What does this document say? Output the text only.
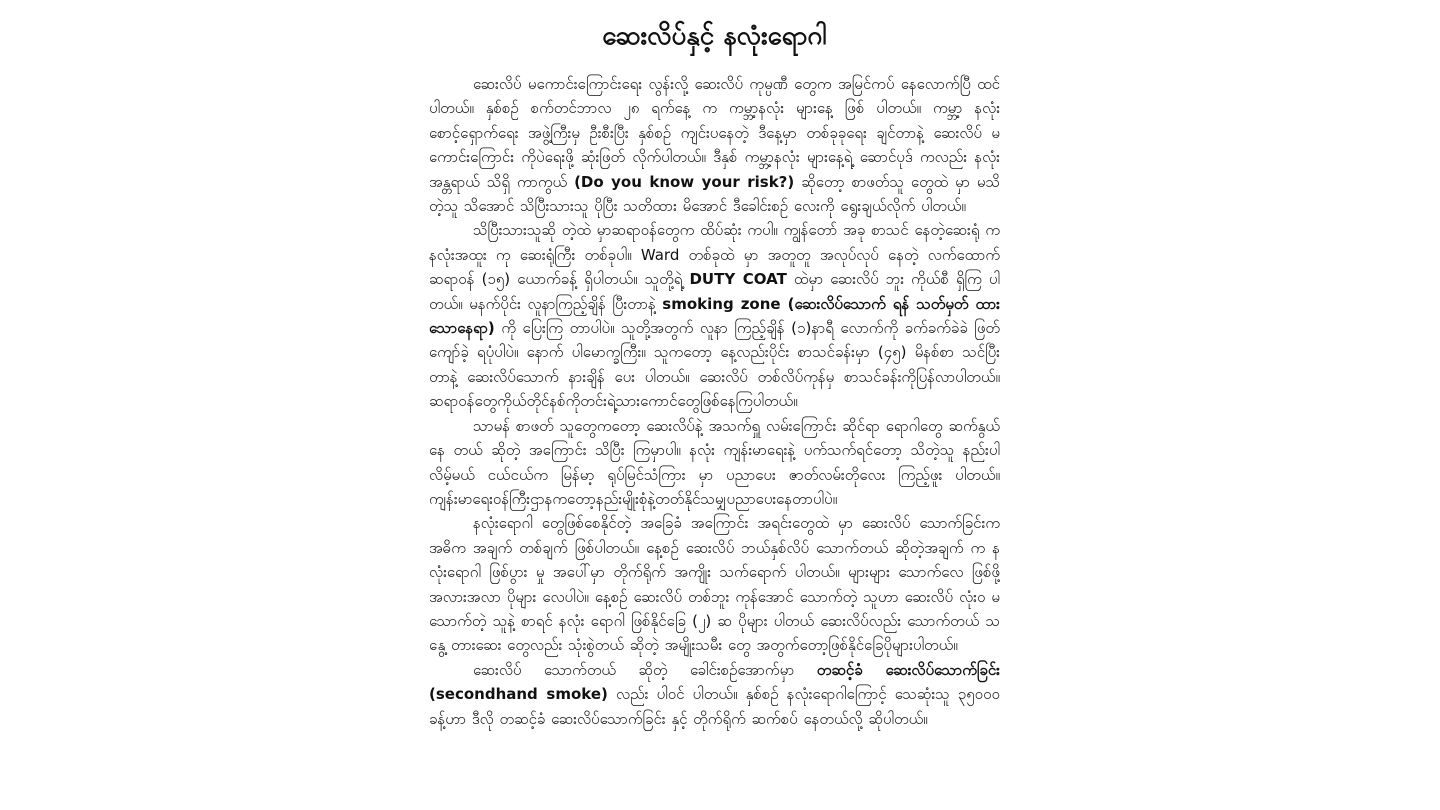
ဆေးလိပ်နှင့် နလုံးရောဂါ

ဆေးလိပ် မကောင်းကြောင်းရေး လွန်းလို့ ဆေးလိပ် ကုမ္ပဏီ တွေက အမြင်ကပ် နေလောက်ပြီ ထင်ပါတယ်။ နှစ်စဉ် စက်တင်ဘာလ ၂၈ ရက်နေ့ က ကမ္ဘာ့နလုံး များနေ့ ဖြစ် ပါတယ်။ ကမ္ဘာ့ နလုံးစောင့်ရှောက်ရေး အဖွဲ့ကြီးမှ ဦးစီးပြီး နှစ်စဉ် ကျင်းပနေတဲ့ ဒီနေ့မှာ တစ်ခုခုရေး ချင်တာနဲ့ ဆေးလိပ် မကောင်းကြောင်း ကိုပဲရေးဖို့ ဆုံးဖြတ် လိုက်ပါတယ်။ ဒီနှစ် ကမ္ဘာ့နလုံး များနေ့ရဲ့ ဆောင်ပုဒ် ကလည်း နလုံး အန္တရာယ် သိရှိ ကာကွယ် (Do you know your risk?) ဆိုတော့ စာဖတ်သူ တွေထဲ မှာ မသိ တဲ့သူ သိအောင် သိပြီးသားသူ ပိုပြီး သတိထား မိအောင် ဒီခေါင်းစဉ် လေးကို ရွေးချယ်လိုက် ပါတယ်။

သိပြီးသားသူဆို တဲ့ထဲ မှာဆရာဝန်တွေက ထိပ်ဆုံး ကပါ။ ကျွန်တော် အခု စာသင် နေတဲ့ဆေးရုံ က နလုံးအထူး ကု ဆေးရုံကြီး တစ်ခုပါ။ Ward တစ်ခုထဲ မှာ အတူတူ အလုပ်လုပ် နေတဲ့ လက်ထောက် ဆရာဝန် (၁၅) ယောက်ခန့် ရှိပါတယ်။ သူတို့ရဲ့ DUTY COAT ထဲမှာ ဆေးလိပ် ဘူး ကိုယ်စီ ရှိကြ ပါတယ်။ မနက်ပိုင်း လူနာကြည့်ချိန် ပြီးတာနဲ့ smoking zone (ဆေးလိပ်သောက် ရန် သတ်မှတ် ထားသောနေရာ) ကို ပြေးကြ တာပါပဲ။ သူတို့အတွက် လူနာ ကြည့်ချိန် (၁)နာရီ လောက်ကို ခက်ခက်ခဲခဲ ဖြတ်ကျော်ခဲ့ ရပုံပါပဲ။ နောက် ပါမောက္ခကြီး။ သူကတော့ နေ့လည်းပိုင်း စာသင်ခန်းမှာ (၄၅) မိနစ်စာ သင်ပြီး တာနဲ့ ဆေးလိပ်သောက် နားချိန် ပေး ပါတယ်။ ဆေးလိပ် တစ်လိပ်ကုန်မှ စာသင်ခန်းကိုပြန်လာပါတယ်။ဆရာဝန်တွေကိုယ်တိုင်နစ်ကိုတင်းရဲ့သားကောင်တွေဖြစ်နေကြပါတယ်။

သာမန် စာဖတ် သူတွေကတော့ ဆေးလိပ်နဲ့ အသက်ရှူ လမ်းကြောင်း ဆိုင်ရာ ရောဂါတွေ ဆက်နွယ်နေ တယ် ဆိုတဲ့ အကြောင်း သိပြီး ကြမှာပါ။ နလုံး ကျန်းမာရေးနဲ့ ပက်သက်ရင်တော့ သိတဲ့သူ နည်းပါ လိမ့်မယ် ငယ်ငယ်က မြန်မာ့ ရုပ်မြင်သံကြား မှာ ပညာပေး ဇာတ်လမ်းတိုလေး ကြည့်ဖူး ပါတယ်။ ကျန်းမာရေးဝန်ကြီးဌာနကတော့နည်းမျိုးစုံနဲ့တတ်နိုင်သမျှပညာပေးနေတာပါပဲ။

နလုံးရောဂါ တွေဖြစ်စေနိုင်တဲ့ အခြေခံ အကြောင်း အရင်းတွေထဲ မှာ ဆေးလိပ် သောက်ခြင်းက အဓိက အချက် တစ်ချက် ဖြစ်ပါတယ်။ နေ့စဉ် ဆေးလိပ် ဘယ်နှစ်လိပ် သောက်တယ် ဆိုတဲ့အချက် က နလုံးရောဂါ ဖြစ်ပွား မှု အပေါ်မှာ တိုက်ရိုက် အကျိုး သက်ရောက် ပါတယ်။ များများ သောက်လေ ဖြစ်ဖို့ အလားအလာ ပိုများ လေပါပဲ။ နေ့စဉ် ဆေးလိပ် တစ်ဘူး ကုန်အောင် သောက်တဲ့ သူဟာ ဆေးလိပ် လုံးဝ မသောက်တဲ့ သူနဲ့ စာရင် နလုံး ရောဂါ ဖြစ်နိုင်ခြေ (၂) ဆ ပိုများ ပါတယ် ဆေးလိပ်လည်း သောက်တယ် သနွေ့ တားဆေး တွေလည်း သုံးစွဲတယ် ဆိုတဲ့ အမျိုးသမီး တွေ အတွက်တော့ဖြစ်နိုင်ခြေပိုများပါတယ်။

ဆေးလိပ် သောက်တယ် ဆိုတဲ့ ခေါင်းစဉ်အောက်မှာ တဆင့်ခံ ဆေးလိပ်သောက်ခြင်း (secondhand smoke) လည်း ပါဝင် ပါတယ်။ နှစ်စဉ် နလုံးရောဂါကြောင့် သေဆုံးသူ ၃၅၀၀၀ ခန့်ဟာ ဒီလို တဆင့်ခံ ဆေးလိပ်သောက်ခြင်း နှင့် တိုက်ရိုက် ဆက်စပ် နေတယ်လို့ ဆိုပါတယ်။
